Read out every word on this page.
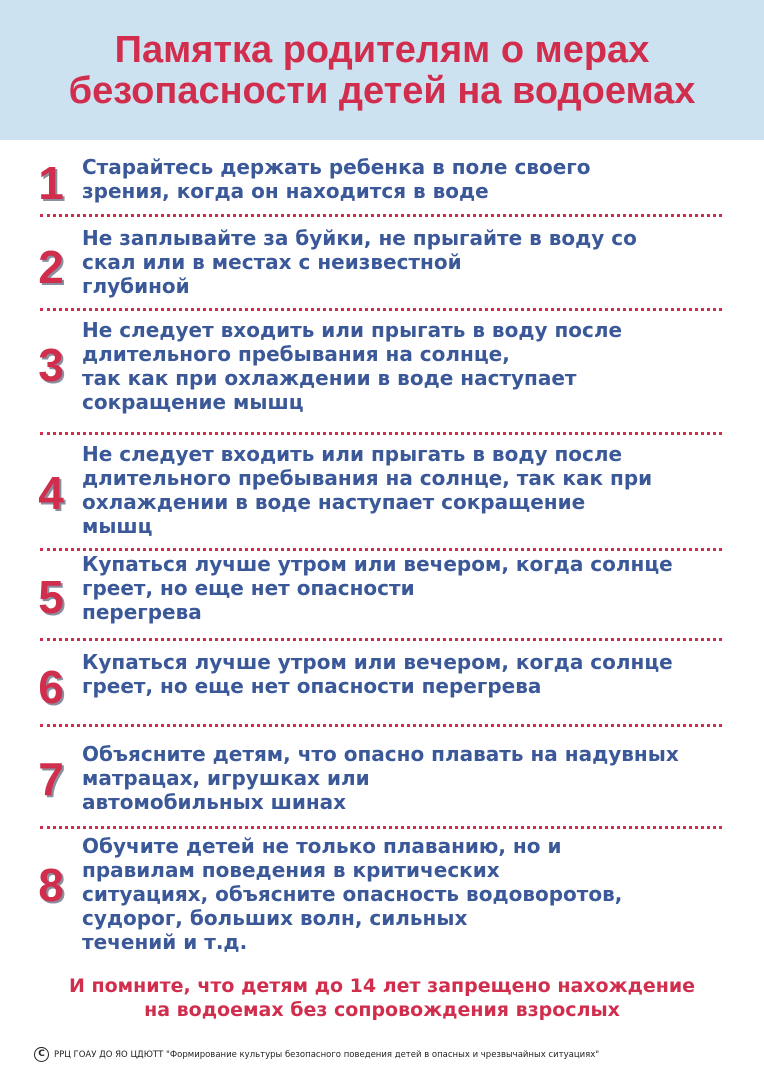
Памятка родителям о мерах
безопасности детей на водоемах
1 Старайтесь держать ребенка в поле своего
зрения, когда он находится в воде
2
Не заплывайте за буйки, не прыгайте в воду со
скал или в местах с неизвестной
глубиной
3
Не следует входить или прыгать в воду после
длительного пребывания на солнце,
так как при охлаждении в воде наступает
сокращение мышц
4
Не следует входить или прыгать в воду после
длительного пребывания на солнце, так как при
охлаждении в воде наступает сокращение
мышц
5
Купаться лучше утром или вечером, когда солнце
греет, но еще нет опасности
перегрева
6 Купаться лучше утром или вечером, когда солнце
греет, но еще нет опасности перегрева
7 Объясните детям, что опасно плавать на надувных
матрацах, игрушках или
автомобильных шинах
8
Обучите детей не только плаванию, но и
правилам поведения в критических
ситуациях, объясните опасность водоворотов,
судорог, больших волн, сильных
течений и т.д.
И помните, что детям до 14 лет запрещено нахождение
на водоемах без сопровождения взрослых
C	РРЦ ГОАУ ДО ЯО ЦДЮТТ "Формирование культуры безопасного поведения детей в опасных и чрезвычайных ситуациях"
